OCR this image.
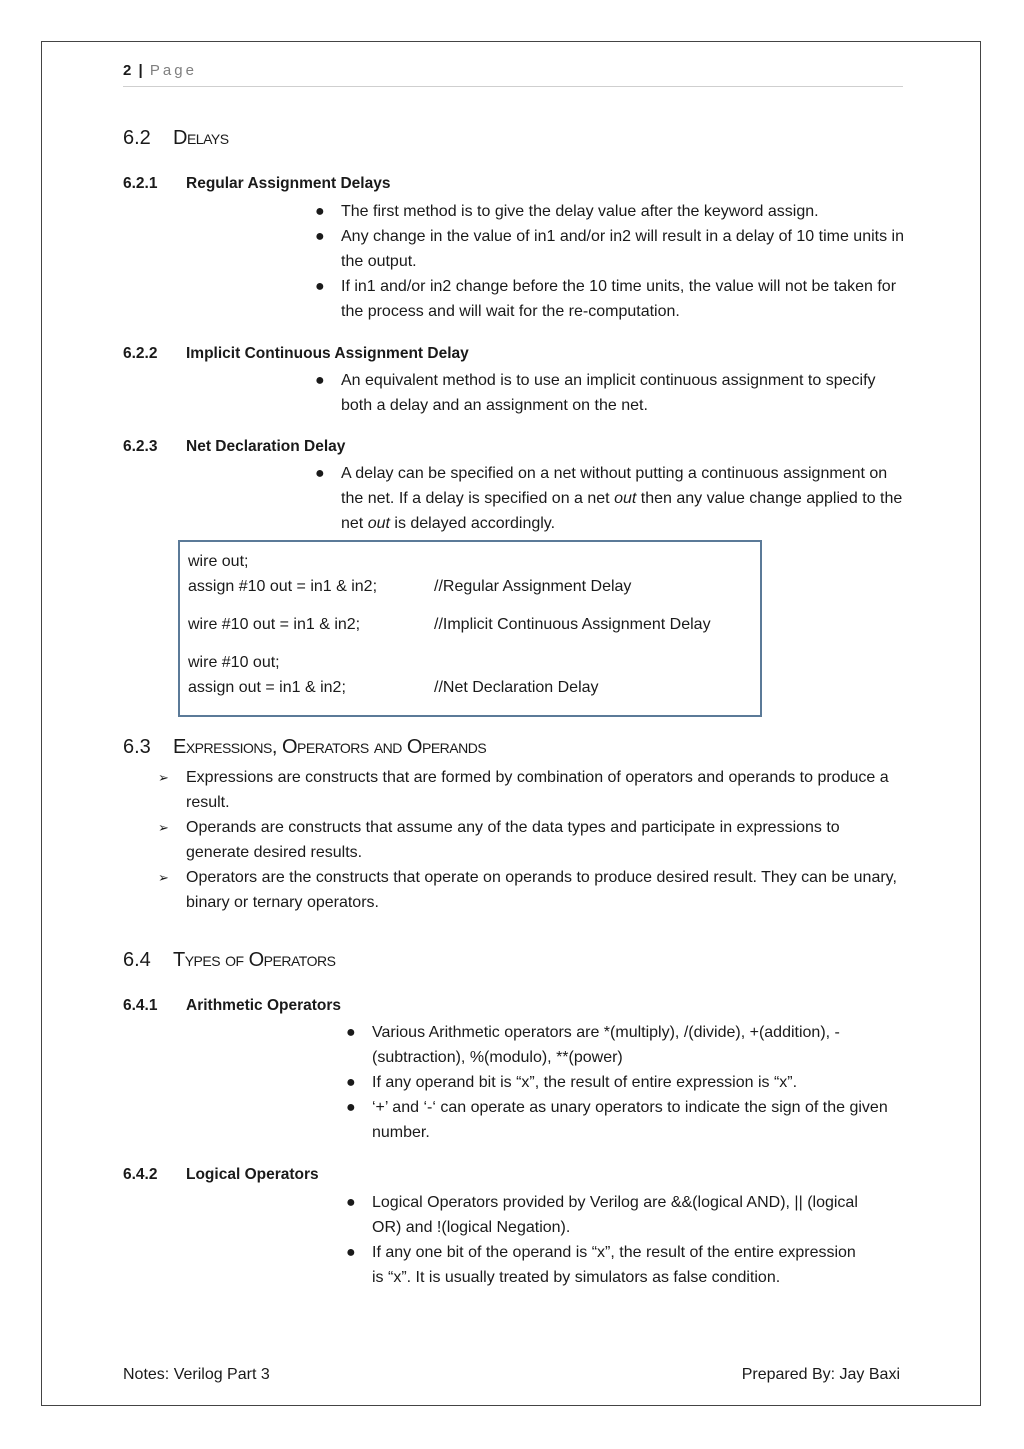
2 | Page
6.2 Delays
6.2.1 Regular Assignment Delays
● The first method is to give the delay value after the keyword assign.
● Any change in the value of in1 and/or in2 will result in a delay of 10 time units in the output.
● If in1 and/or in2 change before the 10 time units, the value will not be taken for the process and will wait for the re-computation.
6.2.2 Implicit Continuous Assignment Delay
● An equivalent method is to use an implicit continuous assignment to specify both a delay and an assignment on the net.
6.2.3 Net Declaration Delay
● A delay can be specified on a net without putting a continuous assignment on the net. If a delay is specified on a net out then any value change applied to the net out is delayed accordingly.
wire out;
assign #10 out = in1 & in2;	//Regular Assignment Delay
wire #10 out = in1 & in2;	//Implicit Continuous Assignment Delay
wire #10 out;
assign out = in1 & in2;	//Net Declaration Delay
6.3 Expressions, Operators and Operands
➢ Expressions are constructs that are formed by combination of operators and operands to produce a result.
➢ Operands are constructs that assume any of the data types and participate in expressions to generate desired results.
➢ Operators are the constructs that operate on operands to produce desired result. They can be unary, binary or ternary operators.
6.4 Types of Operators
6.4.1 Arithmetic Operators
● Various Arithmetic operators are *(multiply), /(divide), +(addition), -(subtraction), %(modulo), **(power)
● If any operand bit is “x”, the result of entire expression is “x”.
● ‘+’ and ‘-‘ can operate as unary operators to indicate the sign of the given number.
6.4.2 Logical Operators
● Logical Operators provided by Verilog are &&(logical AND), || (logical OR) and !(logical Negation).
● If any one bit of the operand is “x”, the result of the entire expression is “x”. It is usually treated by simulators as false condition.
Notes: Verilog Part 3	Prepared By: Jay Baxi
